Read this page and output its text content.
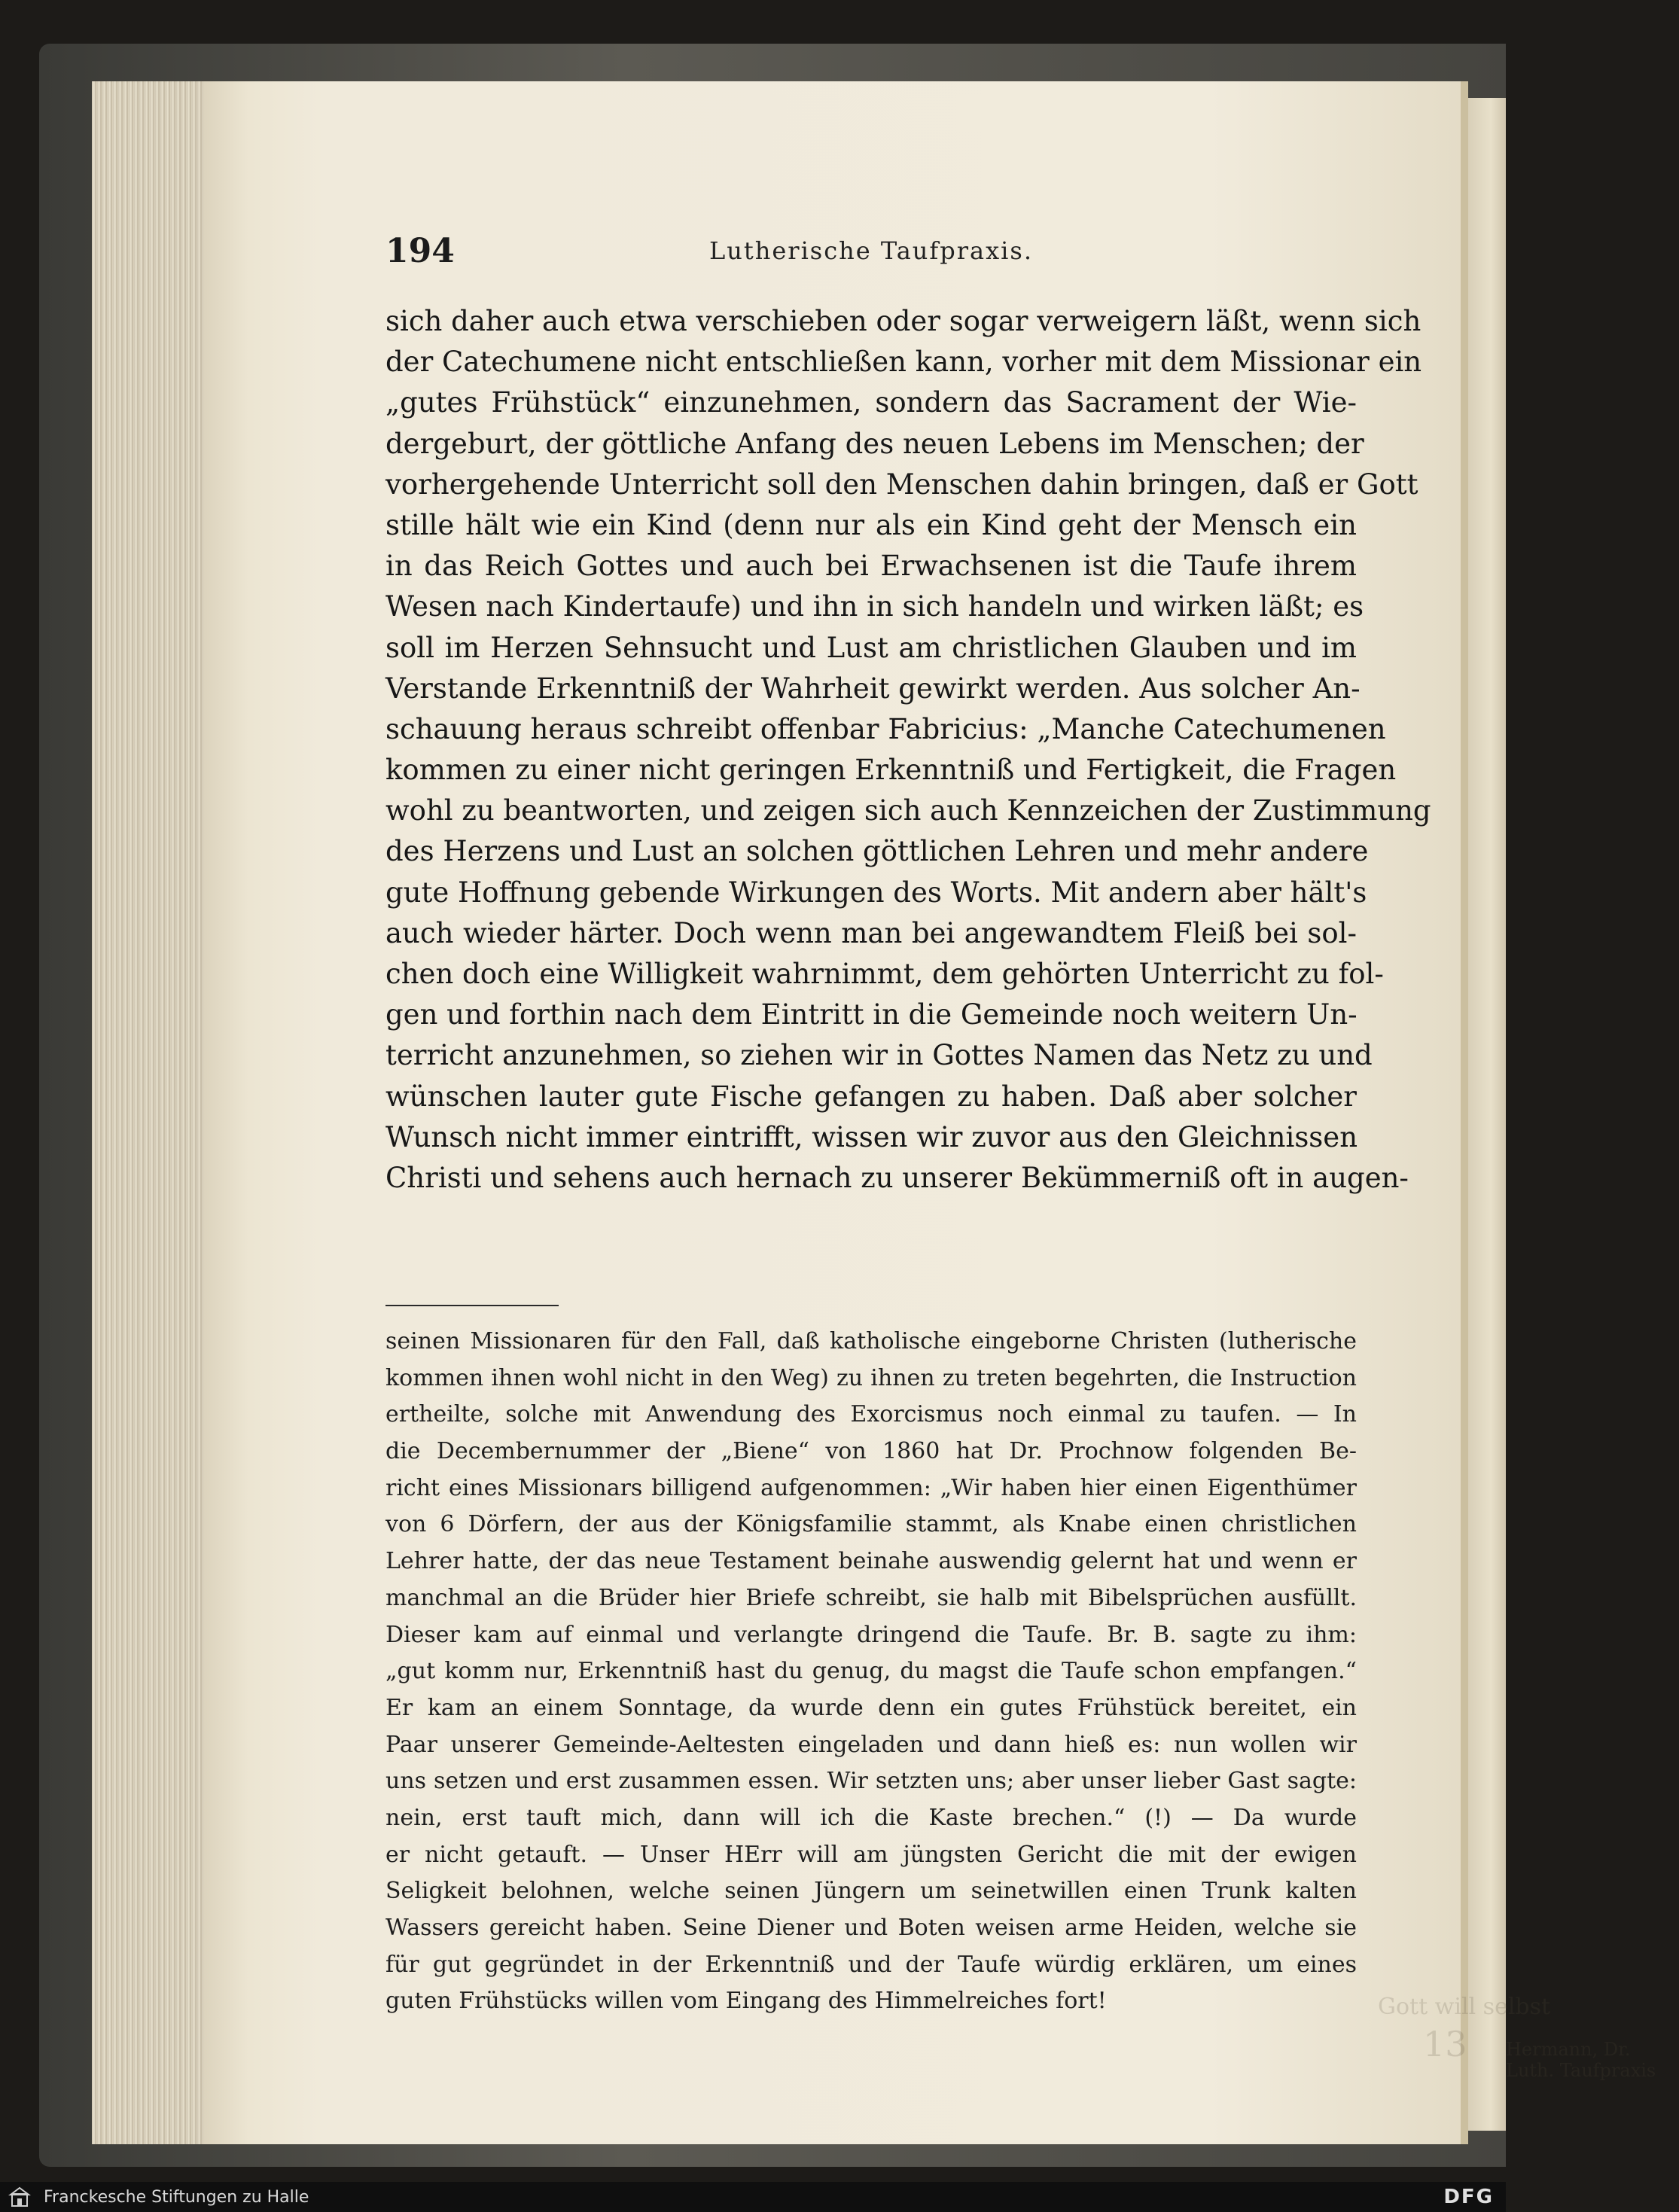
194	Lutherische Taufpraxis.
sich daher auch etwa verschieben oder sogar verweigern läßt, wenn sich
der Catechumene nicht entschließen kann, vorher mit dem Missionar ein
„gutes Frühstück“ einzunehmen, sondern das Sacrament der Wie-
dergeburt, der göttliche Anfang des neuen Lebens im Menschen; der
vorhergehende Unterricht soll den Menschen dahin bringen, daß er Gott
stille hält wie ein Kind (denn nur als ein Kind geht der Mensch ein
in das Reich Gottes und auch bei Erwachsenen ist die Taufe ihrem
Wesen nach Kindertaufe) und ihn in sich handeln und wirken läßt; es
soll im Herzen Sehnsucht und Lust am christlichen Glauben und im
Verstande Erkenntniß der Wahrheit gewirkt werden. Aus solcher An-
schauung heraus schreibt offenbar Fabricius: „Manche Catechumenen
kommen zu einer nicht geringen Erkenntniß und Fertigkeit, die Fragen
wohl zu beantworten, und zeigen sich auch Kennzeichen der Zustimmung
des Herzens und Lust an solchen göttlichen Lehren und mehr andere
gute Hoffnung gebende Wirkungen des Worts. Mit andern aber hält's
auch wieder härter. Doch wenn man bei angewandtem Fleiß bei sol-
chen doch eine Willigkeit wahrnimmt, dem gehörten Unterricht zu fol-
gen und forthin nach dem Eintritt in die Gemeinde noch weitern Un-
terricht anzunehmen, so ziehen wir in Gottes Namen das Netz zu und
wünschen lauter gute Fische gefangen zu haben. Daß aber solcher
Wunsch nicht immer eintrifft, wissen wir zuvor aus den Gleichnissen
Christi und sehens auch hernach zu unserer Bekümmerniß oft in augen-
seinen Missionaren für den Fall, daß katholische eingeborne Christen (lutherische
kommen ihnen wohl nicht in den Weg) zu ihnen zu treten begehrten, die Instruction
ertheilte, solche mit Anwendung des Exorcismus noch einmal zu taufen. — In
die Decembernummer der „Biene“ von 1860 hat Dr. Prochnow folgenden Be-
richt eines Missionars billigend aufgenommen: „Wir haben hier einen Eigenthümer
von 6 Dörfern, der aus der Königsfamilie stammt, als Knabe einen christlichen
Lehrer hatte, der das neue Testament beinahe auswendig gelernt hat und wenn er
manchmal an die Brüder hier Briefe schreibt, sie halb mit Bibelsprüchen ausfüllt.
Dieser kam auf einmal und verlangte dringend die Taufe. Br. B. sagte zu ihm:
„gut komm nur, Erkenntniß hast du genug, du magst die Taufe schon empfangen.“
Er kam an einem Sonntage, da wurde denn ein gutes Frühstück bereitet, ein
Paar unserer Gemeinde-Aeltesten eingeladen und dann hieß es: nun wollen wir
uns setzen und erst zusammen essen. Wir setzten uns; aber unser lieber Gast sagte:
nein, erst tauft mich, dann will ich die Kaste brechen.“ (!) — Da wurde
er nicht getauft. — Unser HErr will am jüngsten Gericht die mit der ewigen
Seligkeit belohnen, welche seinen Jüngern um seinetwillen einen Trunk kalten
Wassers gereicht haben. Seine Diener und Boten weisen arme Heiden, welche sie
für gut gegründet in der Erkenntniß und der Taufe würdig erklären, um eines
guten Frühstücks willen vom Eingang des Himmelreiches fort!	Gott will selbst
13 Hermann, Dr. Luth. Taufpraxis
Franckesche Stiftungen zu Halle	DFG
